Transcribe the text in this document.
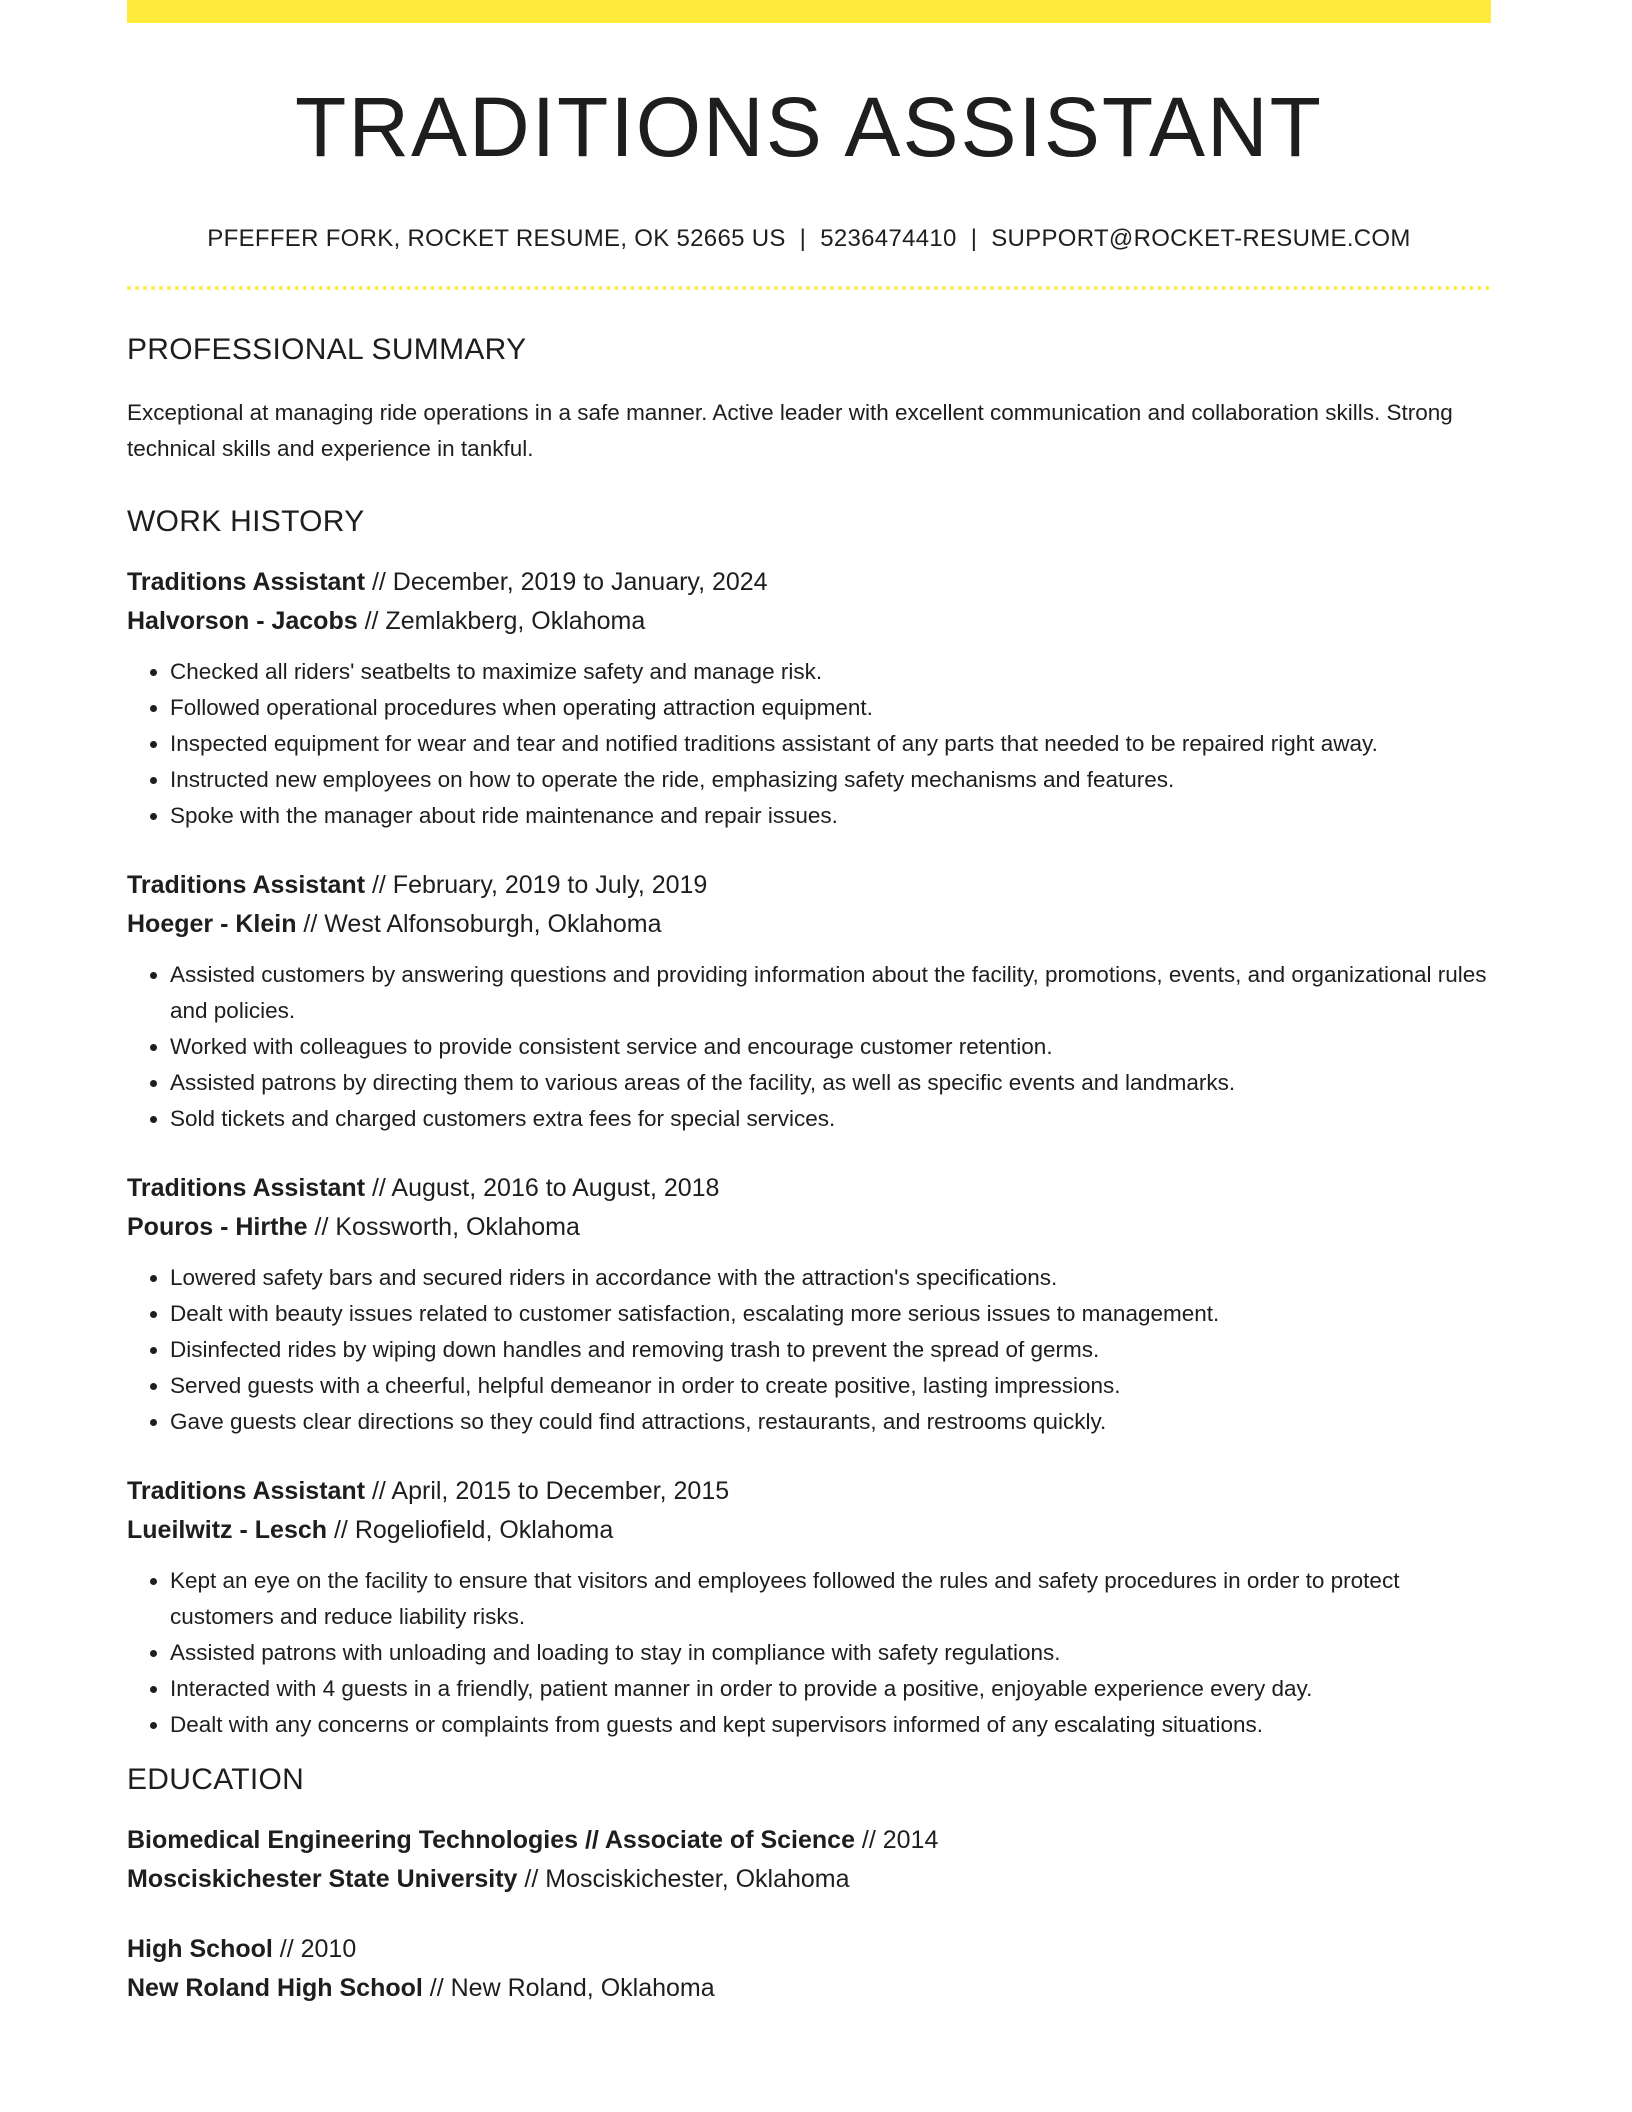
TRADITIONS ASSISTANT
PFEFFER FORK, ROCKET RESUME, OK 52665 US | 5236474410 | SUPPORT@ROCKET-RESUME.COM
PROFESSIONAL SUMMARY

Exceptional at managing ride operations in a safe manner. Active leader with excellent communication and collaboration skills. Strong technical skills and experience in tankful.

WORK HISTORY
Traditions Assistant // December, 2019 to January, 2024
Halvorson - Jacobs // Zemlakberg, Oklahoma
• Checked all riders' seatbelts to maximize safety and manage risk.
• Followed operational procedures when operating attraction equipment.
• Inspected equipment for wear and tear and notified traditions assistant of any parts that needed to be repaired right away.
• Instructed new employees on how to operate the ride, emphasizing safety mechanisms and features.
• Spoke with the manager about ride maintenance and repair issues.
Traditions Assistant // February, 2019 to July, 2019
Hoeger - Klein // West Alfonsoburgh, Oklahoma
• Assisted customers by answering questions and providing information about the facility, promotions, events, and organizational rules and policies.
• Worked with colleagues to provide consistent service and encourage customer retention.
• Assisted patrons by directing them to various areas of the facility, as well as specific events and landmarks.
• Sold tickets and charged customers extra fees for special services.
Traditions Assistant // August, 2016 to August, 2018
Pouros - Hirthe // Kossworth, Oklahoma
• Lowered safety bars and secured riders in accordance with the attraction's specifications.
• Dealt with beauty issues related to customer satisfaction, escalating more serious issues to management.
• Disinfected rides by wiping down handles and removing trash to prevent the spread of germs.
• Served guests with a cheerful, helpful demeanor in order to create positive, lasting impressions.
• Gave guests clear directions so they could find attractions, restaurants, and restrooms quickly.
Traditions Assistant // April, 2015 to December, 2015
Lueilwitz - Lesch // Rogeliofield, Oklahoma
• Kept an eye on the facility to ensure that visitors and employees followed the rules and safety procedures in order to protect customers and reduce liability risks.
• Assisted patrons with unloading and loading to stay in compliance with safety regulations.
• Interacted with 4 guests in a friendly, patient manner in order to provide a positive, enjoyable experience every day.
• Dealt with any concerns or complaints from guests and kept supervisors informed of any escalating situations.
EDUCATION
Biomedical Engineering Technologies // Associate of Science // 2014
Mosciskichester State University // Mosciskichester, Oklahoma
High School // 2010
New Roland High School // New Roland, Oklahoma
